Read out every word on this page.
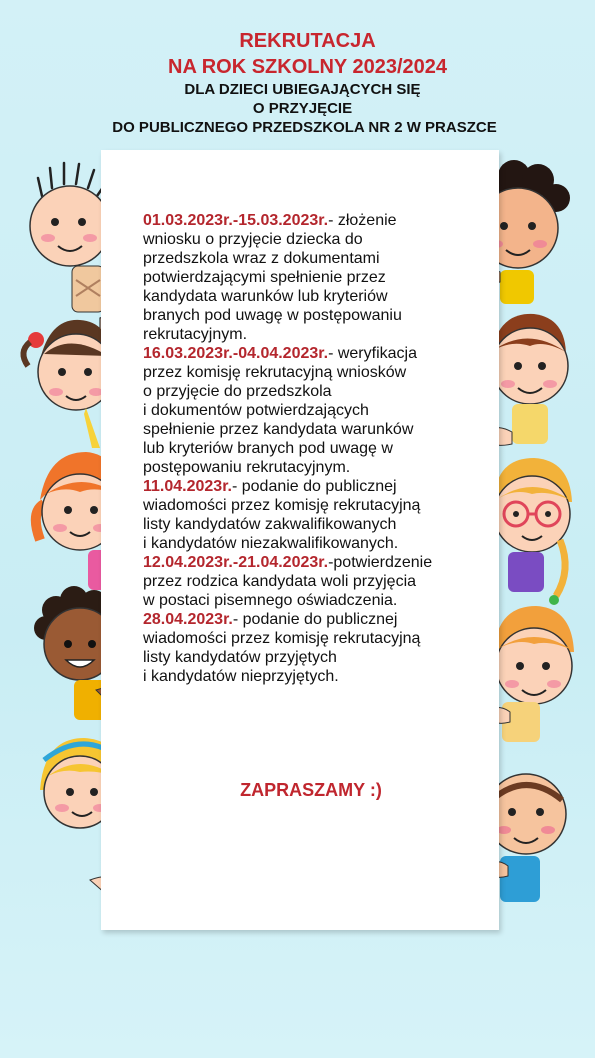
REKRUTACJA
NA ROK SZKOLNY 2023/2024
DLA DZIECI UBIEGAJĄCYCH SIĘ
O PRZYJĘCIE
DO PUBLICZNEGO PRZEDSZKOLA NR 2 W PRASZCE
01.03.2023r.-15.03.2023r.- złożenie
wniosku o przyjęcie dziecka do
przedszkola wraz z dokumentami
potwierdzającymi spełnienie przez
kandydata warunków lub kryteriów
branych pod uwagę w postępowaniu
rekrutacyjnym.
16.03.2023r.-04.04.2023r.- weryfikacja
przez komisję rekrutacyjną wniosków
o przyjęcie do przedszkola
i dokumentów potwierdzających
spełnienie przez kandydata warunków
lub kryteriów branych pod uwagę w
postępowaniu rekrutacyjnym.
11.04.2023r.- podanie do publicznej
wiadomości przez komisję rekrutacyjną
listy kandydatów zakwalifikowanych
i kandydatów niezakwalifikowanych.
12.04.2023r.-21.04.2023r.-potwierdzenie
przez rodzica kandydata woli przyjęcia
w postaci pisemnego oświadczenia.
28.04.2023r.- podanie do publicznej
wiadomości przez komisję rekrutacyjną
listy kandydatów przyjętych
i kandydatów nieprzyjętych.
ZAPRASZAMY :)
